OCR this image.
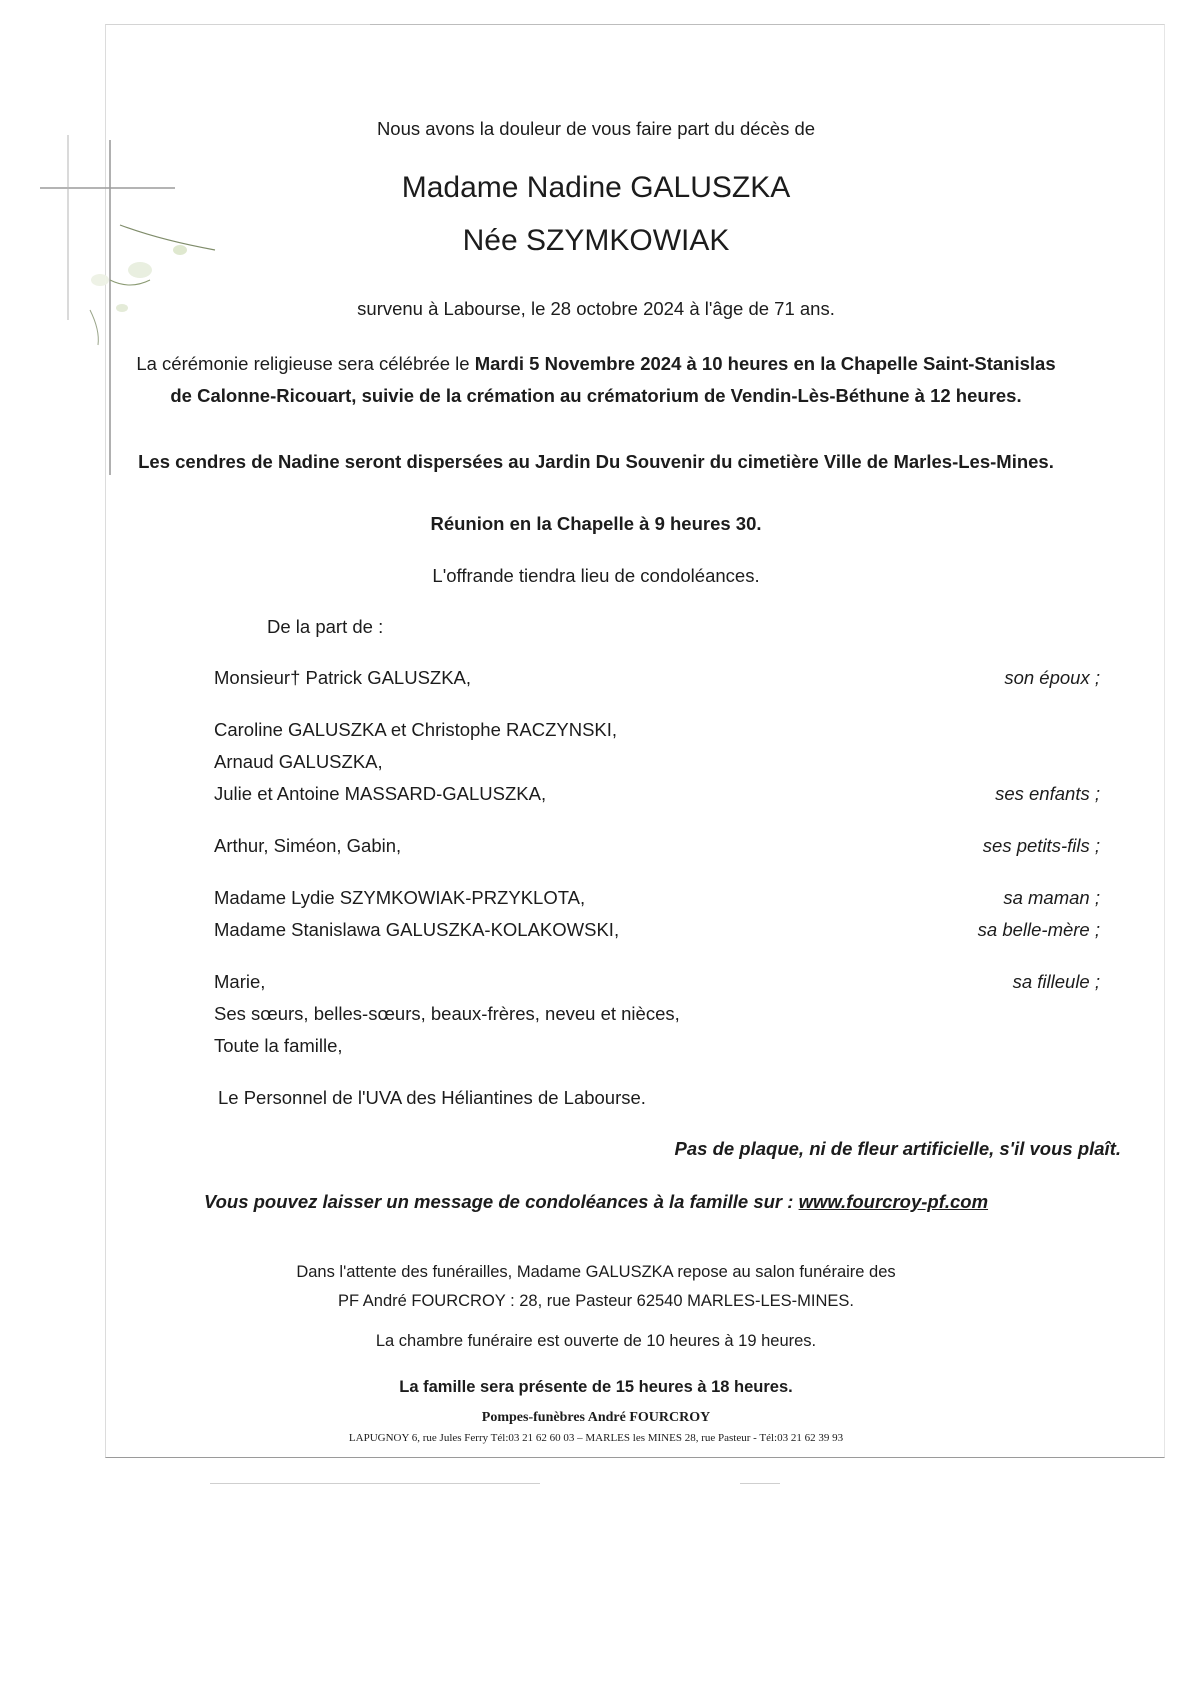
Nous avons la douleur de vous faire part du décès de
Madame Nadine GALUSZKA
Née SZYMKOWIAK
survenu à Labourse, le 28 octobre 2024 à l'âge de 71 ans.
La cérémonie religieuse sera célébrée le Mardi 5 Novembre 2024 à 10 heures en la Chapelle Saint-Stanislas
de Calonne-Ricouart, suivie de la crémation au crématorium de Vendin-Lès-Béthune à 12 heures.
Les cendres de Nadine seront dispersées au Jardin Du Souvenir du cimetière Ville de Marles-Les-Mines.
Réunion en la Chapelle à 9 heures 30.
L'offrande tiendra lieu de condoléances.
De la part de :
Monsieur† Patrick GALUSZKA,	son époux ;
Caroline GALUSZKA et Christophe RACZYNSKI,
Arnaud GALUSZKA,
Julie et Antoine MASSARD-GALUSZKA,	ses enfants ;
Arthur, Siméon, Gabin,	ses petits-fils ;
Madame Lydie SZYMKOWIAK-PRZYKLOTA,	sa maman ;
Madame Stanislawa GALUSZKA-KOLAKOWSKI,	sa belle-mère ;
Marie,	sa filleule ;
Ses sœurs, belles-sœurs, beaux-frères, neveu et nièces,
Toute la famille,
Le Personnel de l'UVA des Héliantines de Labourse.
Pas de plaque, ni de fleur artificielle, s'il vous plaît.
Vous pouvez laisser un message de condoléances à la famille sur : www.fourcroy-pf.com
Dans l'attente des funérailles, Madame GALUSZKA repose au salon funéraire des
PF André FOURCROY : 28, rue Pasteur 62540 MARLES-LES-MINES.
La chambre funéraire est ouverte de 10 heures à 19 heures.
La famille sera présente de 15 heures à 18 heures.
Pompes-funèbres André FOURCROY
LAPUGNOY 6, rue Jules Ferry Tél:03 21 62 60 03 – MARLES les MINES 28, rue Pasteur - Tél:03 21 62 39 93
